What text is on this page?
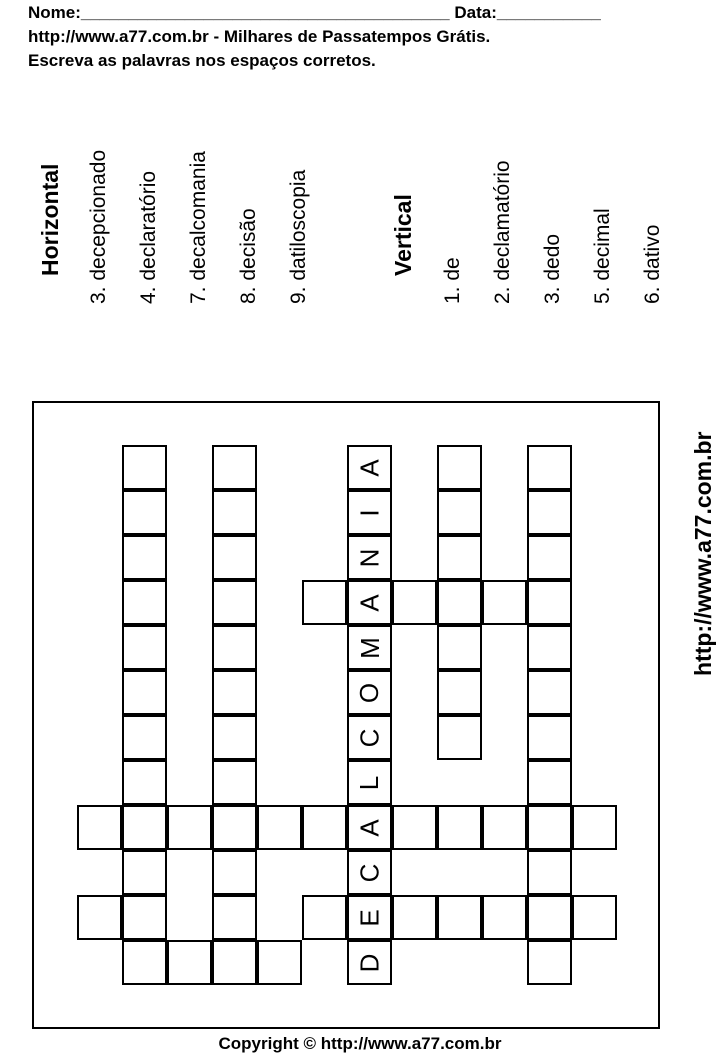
Nome:_______________________________________ Data:___________
http://www.a77.com.br - Milhares de Passatempos Grátis.
Escreva as palavras nos espaços corretos.
Horizontal 3. decepcionado 4. declaratório 7. decalcomania 8. decisão 9. datiloscopia	Vertical
1. de 2. declamatório 3. dedo 5. decimal 6. dativo
http://www.a77.com.br
A
I
N
A
M
O
C
L
A
C
E
D
Copyright © http://www.a77.com.br
